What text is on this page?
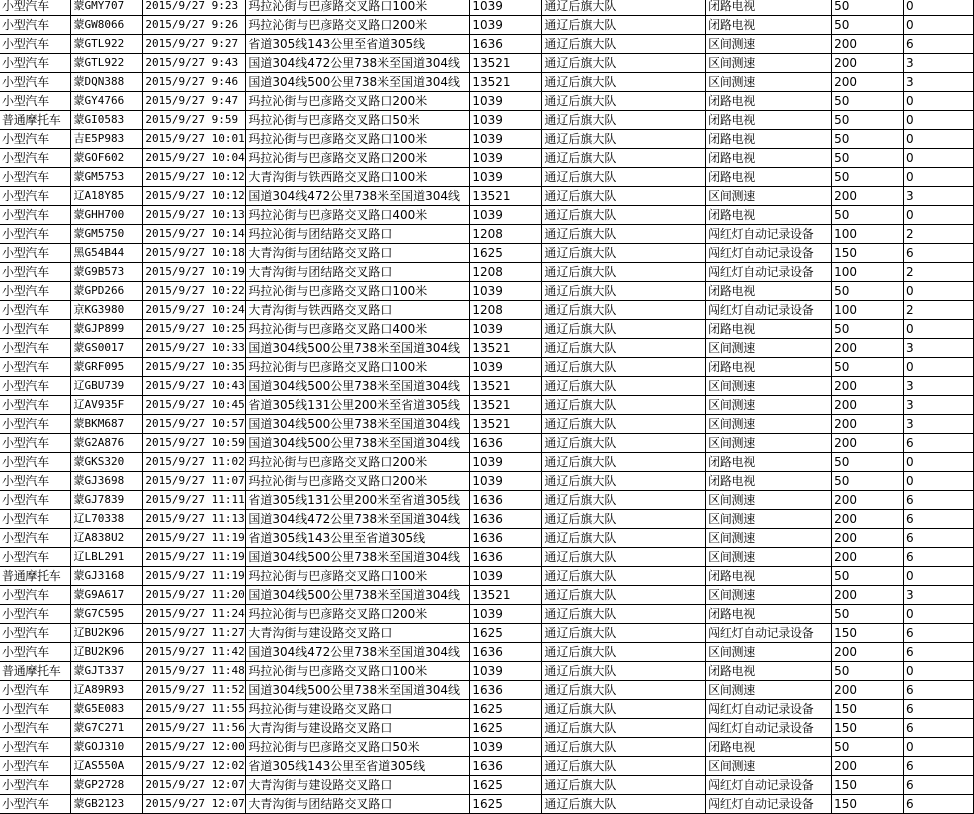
小型汽车	蒙GMY707	2015/9/27 9:23	玛拉沁街与巴彦路交叉路口100米	1039	通辽后旗大队	闭路电视	50	0
小型汽车	蒙GW8066	2015/9/27 9:26	玛拉沁街与巴彦路交叉路口200米	1039	通辽后旗大队	闭路电视	50	0
小型汽车	蒙GTL922	2015/9/27 9:27	省道305线143公里至省道305线	1636	通辽后旗大队	区间测速	200	6
小型汽车	蒙GTL922	2015/9/27 9:43	国道304线472公里738米至国道304线	13521	通辽后旗大队	区间测速	200	3
小型汽车	蒙DQN388	2015/9/27 9:46	国道304线500公里738米至国道304线	13521	通辽后旗大队	区间测速	200	3
小型汽车	蒙GY4766	2015/9/27 9:47	玛拉沁街与巴彦路交叉路口200米	1039	通辽后旗大队	闭路电视	50	0
普通摩托车	蒙GI0583	2015/9/27 9:59	玛拉沁街与巴彦路交叉路口50米	1039	通辽后旗大队	闭路电视	50	0
小型汽车	吉E5P983	2015/9/27 10:01	玛拉沁街与巴彦路交叉路口100米	1039	通辽后旗大队	闭路电视	50	0
小型汽车	蒙GOF602	2015/9/27 10:04	玛拉沁街与巴彦路交叉路口200米	1039	通辽后旗大队	闭路电视	50	0
小型汽车	蒙GM5753	2015/9/27 10:12	大青沟街与铁西路交叉路口100米	1039	通辽后旗大队	闭路电视	50	0
小型汽车	辽A18Y85	2015/9/27 10:12	国道304线472公里738米至国道304线	13521	通辽后旗大队	区间测速	200	3
小型汽车	蒙GHH700	2015/9/27 10:13	玛拉沁街与巴彦路交叉路口400米	1039	通辽后旗大队	闭路电视	50	0
小型汽车	蒙GM5750	2015/9/27 10:14	玛拉沁街与团结路交叉路口	1208	通辽后旗大队	闯红灯自动记录设备	100	2
小型汽车	黑G54B44	2015/9/27 10:18	大青沟街与团结路交叉路口	1625	通辽后旗大队	闯红灯自动记录设备	150	6
小型汽车	蒙G9B573	2015/9/27 10:19	大青沟街与团结路交叉路口	1208	通辽后旗大队	闯红灯自动记录设备	100	2
小型汽车	蒙GPD266	2015/9/27 10:22	玛拉沁街与巴彦路交叉路口100米	1039	通辽后旗大队	闭路电视	50	0
小型汽车	京KG3980	2015/9/27 10:24	大青沟街与铁西路交叉路口	1208	通辽后旗大队	闯红灯自动记录设备	100	2
小型汽车	蒙GJP899	2015/9/27 10:25	玛拉沁街与巴彦路交叉路口400米	1039	通辽后旗大队	闭路电视	50	0
小型汽车	蒙GS0017	2015/9/27 10:33	国道304线500公里738米至国道304线	13521	通辽后旗大队	区间测速	200	3
小型汽车	蒙GRF095	2015/9/27 10:35	玛拉沁街与巴彦路交叉路口100米	1039	通辽后旗大队	闭路电视	50	0
小型汽车	辽GBU739	2015/9/27 10:43	国道304线500公里738米至国道304线	13521	通辽后旗大队	区间测速	200	3
小型汽车	辽AV935F	2015/9/27 10:45	省道305线131公里200米至省道305线	13521	通辽后旗大队	区间测速	200	3
小型汽车	蒙BKM687	2015/9/27 10:57	国道304线500公里738米至国道304线	13521	通辽后旗大队	区间测速	200	3
小型汽车	蒙G2A876	2015/9/27 10:59	国道304线500公里738米至国道304线	1636	通辽后旗大队	区间测速	200	6
小型汽车	蒙GKS320	2015/9/27 11:02	玛拉沁街与巴彦路交叉路口200米	1039	通辽后旗大队	闭路电视	50	0
小型汽车	蒙GJ3698	2015/9/27 11:07	玛拉沁街与巴彦路交叉路口200米	1039	通辽后旗大队	闭路电视	50	0
小型汽车	蒙GJ7839	2015/9/27 11:11	省道305线131公里200米至省道305线	1636	通辽后旗大队	区间测速	200	6
小型汽车	辽L70338	2015/9/27 11:13	国道304线472公里738米至国道304线	1636	通辽后旗大队	区间测速	200	6
小型汽车	辽A838U2	2015/9/27 11:19	省道305线143公里至省道305线	1636	通辽后旗大队	区间测速	200	6
小型汽车	辽LBL291	2015/9/27 11:19	国道304线500公里738米至国道304线	1636	通辽后旗大队	区间测速	200	6
普通摩托车	蒙GJ3168	2015/9/27 11:19	玛拉沁街与巴彦路交叉路口100米	1039	通辽后旗大队	闭路电视	50	0
小型汽车	蒙G9A617	2015/9/27 11:20	国道304线500公里738米至国道304线	13521	通辽后旗大队	区间测速	200	3
小型汽车	蒙G7C595	2015/9/27 11:24	玛拉沁街与巴彦路交叉路口200米	1039	通辽后旗大队	闭路电视	50	0
小型汽车	辽BU2K96	2015/9/27 11:27	大青沟街与建设路交叉路口	1625	通辽后旗大队	闯红灯自动记录设备	150	6
小型汽车	辽BU2K96	2015/9/27 11:42	国道304线472公里738米至国道304线	1636	通辽后旗大队	区间测速	200	6
普通摩托车	蒙GJT337	2015/9/27 11:48	玛拉沁街与巴彦路交叉路口100米	1039	通辽后旗大队	闭路电视	50	0
小型汽车	辽A89R93	2015/9/27 11:52	国道304线500公里738米至国道304线	1636	通辽后旗大队	区间测速	200	6
小型汽车	蒙G5E083	2015/9/27 11:55	玛拉沁街与建设路交叉路口	1625	通辽后旗大队	闯红灯自动记录设备	150	6
小型汽车	蒙G7C271	2015/9/27 11:56	大青沟街与建设路交叉路口	1625	通辽后旗大队	闯红灯自动记录设备	150	6
小型汽车	蒙GOJ310	2015/9/27 12:00	玛拉沁街与巴彦路交叉路口50米	1039	通辽后旗大队	闭路电视	50	0
小型汽车	辽AS550A	2015/9/27 12:02	省道305线143公里至省道305线	1636	通辽后旗大队	区间测速	200	6
小型汽车	蒙GP2728	2015/9/27 12:07	大青沟街与建设路交叉路口	1625	通辽后旗大队	闯红灯自动记录设备	150	6
小型汽车	蒙GB2123	2015/9/27 12:07	大青沟街与团结路交叉路口	1625	通辽后旗大队	闯红灯自动记录设备	150	6
